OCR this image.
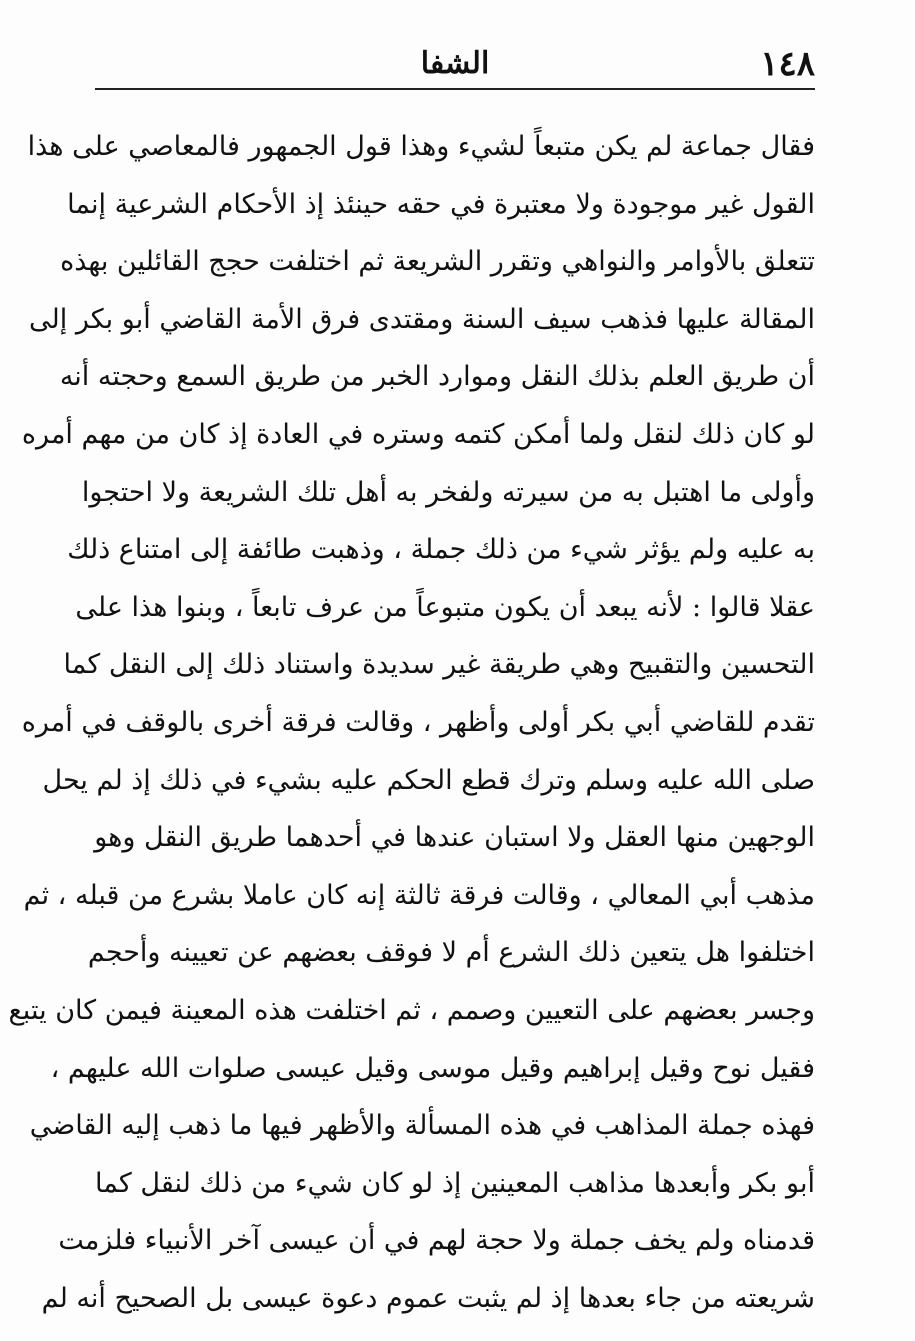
١٤٨
الشفا
فقال جماعة لم يكن متبعاً لشيء وهذا قول الجمهور فالمعاصي على هذا
القول غير موجودة ولا معتبرة في حقه حينئذ إذ الأحكام الشرعية إنما
تتعلق بالأوامر والنواهي وتقرر الشريعة ثم اختلفت حجج القائلين بهذه
المقالة عليها فذهب سيف السنة ومقتدى فرق الأمة القاضي أبو بكر إلى
أن طريق العلم بذلك النقل وموارد الخبر من طريق السمع وحجته أنه
لو كان ذلك لنقل ولما أمكن كتمه وستره في العادة إذ كان من مهم أمره
وأولى ما اهتبل به من سيرته ولفخر به أهل تلك الشريعة ولا احتجوا
به عليه ولم يؤثر شيء من ذلك جملة ، وذهبت طائفة إلى امتناع ذلك
عقلا قالوا : لأنه يبعد أن يكون متبوعاً من عرف تابعاً ، وبنوا هذا على
التحسين والتقبيح وهي طريقة غير سديدة واستناد ذلك إلى النقل كما
تقدم للقاضي أبي بكر أولى وأظهر ، وقالت فرقة أخرى بالوقف في أمره
صلى الله عليه وسلم وترك قطع الحكم عليه بشيء في ذلك إذ لم يحل
الوجهين منها العقل ولا استبان عندها في أحدهما طريق النقل وهو
مذهب أبي المعالي ، وقالت فرقة ثالثة إنه كان عاملا بشرع من قبله ، ثم
اختلفوا هل يتعين ذلك الشرع أم لا فوقف بعضهم عن تعيينه وأحجم
وجسر بعضهم على التعيين وصمم ، ثم اختلفت هذه المعينة فيمن كان يتبع
فقيل نوح وقيل إبراهيم وقيل موسى وقيل عيسى صلوات الله عليهم ،
فهذه جملة المذاهب في هذه المسألة والأظهر فيها ما ذهب إليه القاضي
أبو بكر وأبعدها مذاهب المعينين إذ لو كان شيء من ذلك لنقل كما
قدمناه ولم يخف جملة ولا حجة لهم في أن عيسى آخر الأنبياء فلزمت
شريعته من جاء بعدها إذ لم يثبت عموم دعوة عيسى بل الصحيح أنه لم
